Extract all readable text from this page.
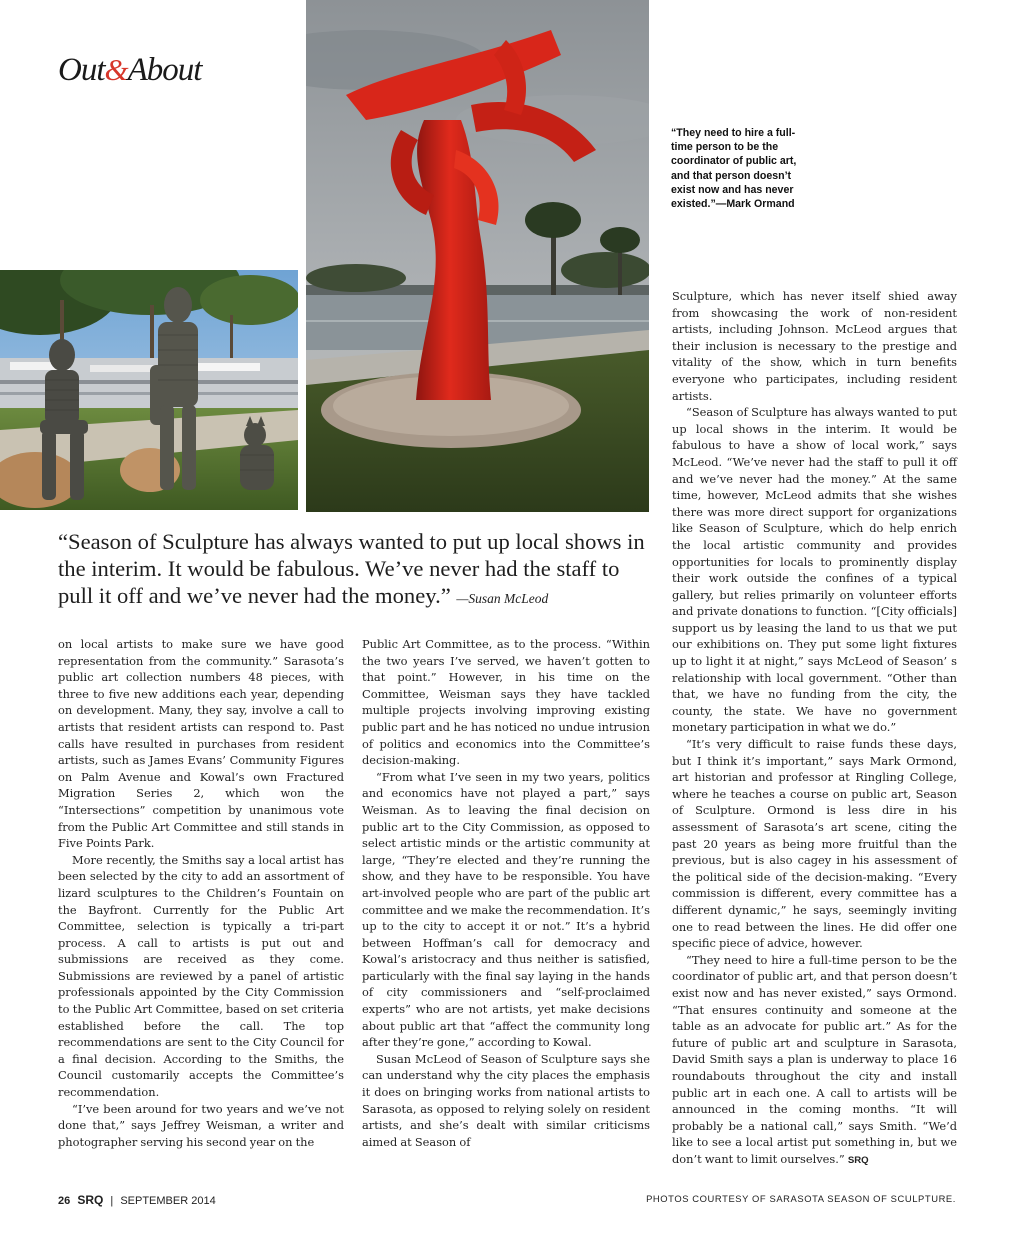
Out&About
“They need to hire a full-time person to be the coordinator of public art, and that person doesn’t exist now and has never existed.”—Mark Ormand
“Season of Sculpture has always wanted to put up local shows in the interim. It would be fabulous. We’ve never had the staff to pull it off and we’ve never had the money.” —Susan McLeod

on local artists to make sure we have good representation from the community.” Sarasota’s public art collection numbers 48 pieces, with three to five new additions each year, depending on development. Many, they say, involve a call to artists that resident artists can respond to. Past calls have resulted in purchases from resident artists, such as James Evans’ Community Figures on Palm Avenue and Kowal’s own Fractured Migration Series 2, which won the “Intersections” competition by unanimous vote from the Public Art Committee and still stands in Five Points Park.

More recently, the Smiths say a local artist has been selected by the city to add an assortment of lizard sculptures to the Children’s Fountain on the Bayfront. Currently for the Public Art Committee, selection is typically a tri-part process. A call to artists is put out and submissions are received as they come. Submissions are reviewed by a panel of artistic professionals appointed by the City Commission to the Public Art Committee, based on set criteria established before the call. The top recommendations are sent to the City Council for a final decision. According to the Smiths, the Council customarily accepts the Committee’s recommendation.

“I’ve been around for two years and we’ve not done that,” says Jeffrey Weisman, a writer and photographer serving his second year on the

Public Art Committee, as to the process. “Within the two years I’ve served, we haven’t gotten to that point.” However, in his time on the Committee, Weisman says they have tackled multiple projects involving improving existing public part and he has noticed no undue intrusion of politics and economics into the Committee’s decision-making.

“From what I’ve seen in my two years, politics and economics have not played a part,” says Weisman. As to leaving the final decision on public art to the City Commission, as opposed to select artistic minds or the artistic community at large, “They’re elected and they’re running the show, and they have to be responsible. You have art-involved people who are part of the public art committee and we make the recommendation. It’s up to the city to accept it or not.” It’s a hybrid between Hoffman’s call for democracy and Kowal’s aristocracy and thus neither is satisfied, particularly with the final say laying in the hands of city commissioners and “self-proclaimed experts” who are not artists, yet make decisions about public art that “affect the community long after they’re gone,” according to Kowal.

Susan McLeod of Season of Sculpture says she can understand why the city places the emphasis it does on bringing works from national artists to Sarasota, as opposed to relying solely on resident artists, and she’s dealt with similar criticisms aimed at Season of

Sculpture, which has never itself shied away from showcasing the work of non-resident artists, including Johnson. McLeod argues that their inclusion is necessary to the prestige and vitality of the show, which in turn benefits everyone who participates, including resident artists.

“Season of Sculpture has always wanted to put up local shows in the interim. It would be fabulous to have a show of local work,” says McLeod. “We’ve never had the staff to pull it off and we’ve never had the money.” At the same time, however, McLeod admits that she wishes there was more direct support for organizations like Season of Sculpture, which do help enrich the local artistic community and provides opportunities for locals to prominently display their work outside the confines of a typical gallery, but relies primarily on volunteer efforts and private donations to function. “[City officials] support us by leasing the land to us that we put our exhibitions on. They put some light fixtures up to light it at night,” says McLeod of Season’ s relationship with local government. “Other than that, we have no funding from the city, the county, the state. We have no government monetary participation in what we do.”

“It’s very difficult to raise funds these days, but I think it’s important,” says Mark Ormond, art historian and professor at Ringling College, where he teaches a course on public art, Season of Sculpture. Ormond is less dire in his assessment of Sarasota’s art scene, citing the past 20 years as being more fruitful than the previous, but is also cagey in his assessment of the political side of the decision-making. “Every commission is different, every committee has a different dynamic,” he says, seemingly inviting one to read between the lines. He did offer one specific piece of advice, however.

“They need to hire a full-time person to be the coordinator of public art, and that person doesn’t exist now and has never existed,” says Ormond. “That ensures continuity and someone at the table as an advocate for public art.” As for the future of public art and sculpture in Sarasota, David Smith says a plan is underway to place 16 roundabouts throughout the city and install public art in each one. A call to artists will be announced in the coming months. “It will probably be a national call,” says Smith. “We’d like to see a local artist put something in, but we don’t want to limit ourselves.” SRQ

26 SRQ | SEPTEMBER 2014	PHOTOS COURTESY OF SARASOTA SEASON OF SCULPTURE.
